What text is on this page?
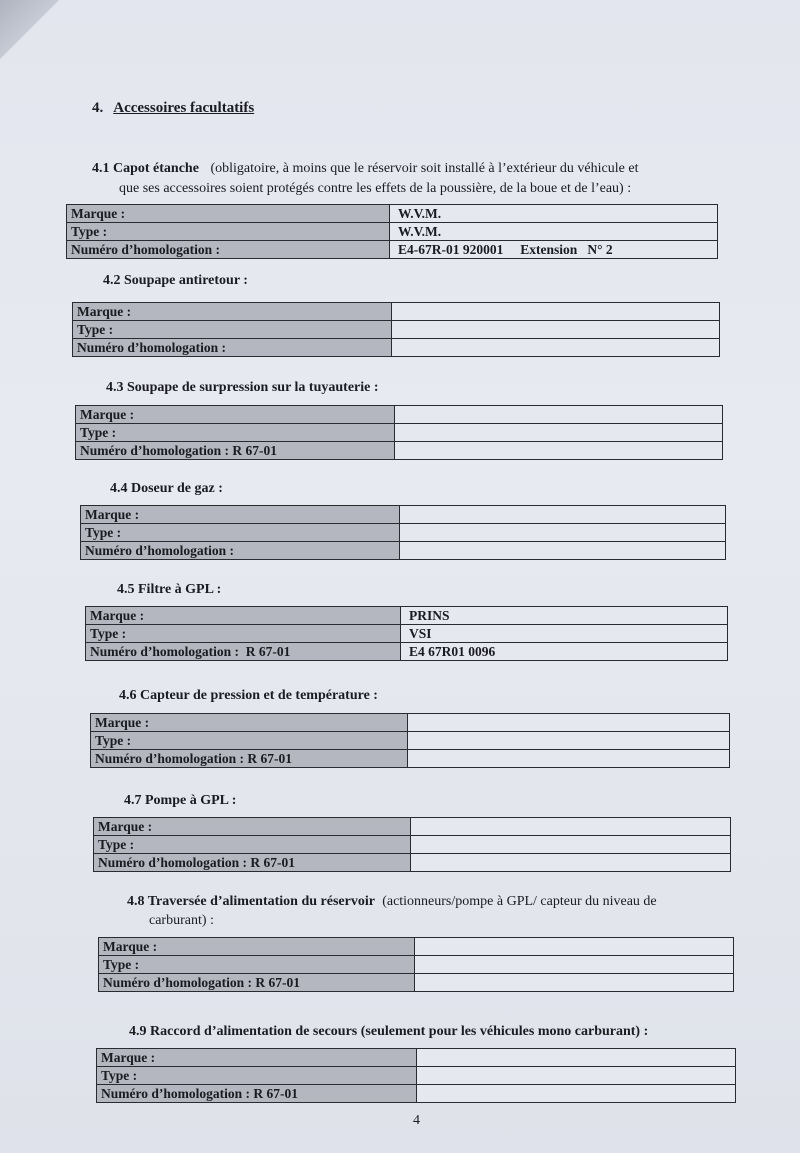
4. Accessoires facultatifs
4.1 Capot étanche (obligatoire, à moins que le réservoir soit installé à l’extérieur du véhicule et
que ses accessoires soient protégés contre les effets de la poussière, de la boue et de l’eau) :
Marque :	W.V.M.
Type :	W.V.M.
Numéro d’homologation :	E4-67R-01 920001     Extension   N° 2
4.2 Soupape antiretour :
Marque :	
Type :	
Numéro d’homologation :	
4.3 Soupape de surpression sur la tuyauterie :
Marque :	
Type :	
Numéro d’homologation : R 67-01	
4.4 Doseur de gaz :
Marque :	
Type :	
Numéro d’homologation :	
4.5 Filtre à GPL :
Marque :	PRINS
Type :	VSI
Numéro d’homologation :  R 67-01	E4 67R01 0096
4.6 Capteur de pression et de température :
Marque :	
Type :	
Numéro d’homologation : R 67-01	
4.7 Pompe à GPL :
Marque :	
Type :	
Numéro d’homologation : R 67-01	
4.8 Traversée d’alimentation du réservoir (actionneurs/pompe à GPL/ capteur du niveau de
carburant) :
Marque :	
Type :	
Numéro d’homologation : R 67-01	
4.9 Raccord d’alimentation de secours (seulement pour les véhicules mono carburant) :
Marque :	
Type :	
Numéro d’homologation : R 67-01	
4
